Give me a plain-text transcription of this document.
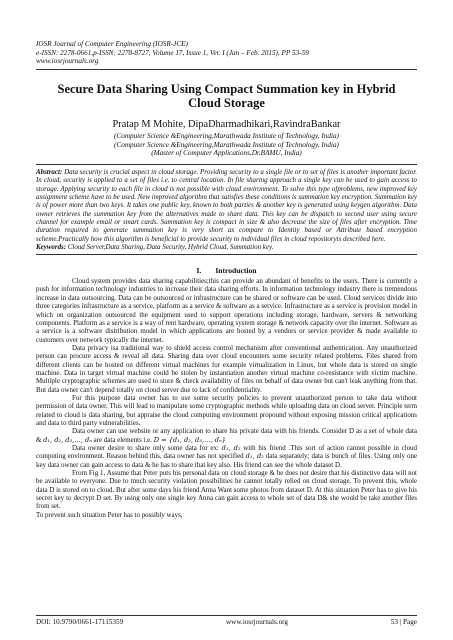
IOSR Journal of Computer Engineering (IOSR-JCE)
e-ISSN: 2278-0661,p-ISSN: 2278-8727, Volume 17, Issue 1, Ver. I (Jan – Feb. 2015), PP 53-59
www.iosrjournals.org
Secure Data Sharing Using Compact Summation key in Hybrid
Cloud Storage
Pratap M Mohite, DipaDharmadhikari,RavindraBankar
(Computer Science &Engineering,Marathwada Institute of Technology, India)
(Computer Science &Engineering,Marathwada Institute of Technology, India)
(Master of Computer Applications,Dr.BAMU, India)
Abstract: Data security is crucial aspect in cloud storage. Providing security to a single file or to set of files is another important factor. In cloud, security is applied to a set of files i.e. to central location. In file sharing approach a single key can be used to gain access to storage. Applying security to each file in cloud is not possible with cloud environment. To solve this type ofproblems, new improved key assignment scheme have to be used. New improved algorithm that satisfies these conditions is summation key encryption. Summation key is of power more than two keys. It takes one public key, known to both parties & another key is generated using keygen algorithm. Data owner retrieves the summation key from the alternatives made to share data. This key can be dispatch to second user using secure channel for example email or smart cards. Summation key is compact in size & also decrease the size of files after encryption. Time duration required to generate summation key is very short as compare to Identity based or Attribute based encryption scheme.Practically how this algorithm is beneficial to provide security to individual files in cloud repositoryis described here.
Keywords: Cloud Server,Data Sharing, Data Security, Hybrid Cloud, Summation key.
I. Introduction

Cloud system provides data sharing capabilities;this can provide an abundant of benefits to the users. There is currently a push for information technology industries to increase their data sharing efforts. In information technology industry there is tremendous increase in data outsourcing. Data can be outsourced or infrastructure can be shared or software can be used. Cloud services divide into three categories infrastructure as a service, platform as a service & software as a service. Infrastructure as a service is provision model in which on organization outsourced the equipment used to support operations including storage, hardware, servers & networking components. Platform as a service is a way of rent hardware, operating system storage & network capacity over the internet. Software as a service is a software distribution model in which applications are hosted by a vendors or service provider & made available to customers over network typically the internet.

Data privacy isa traditional way to shield access control mechanism after conventional authentication. Any unauthorized person can procure access & reveal all data. Sharing data over cloud encounters some security related problems. Files shared from different clients can be hosted on different virtual machines for example virtualization in Linux, but whole data is stored on single machine. Data in target virtual machine could be stolen by instantiation another virtual machine co-resistance with victim machine. Multiple cryptographic schemes are used to store & check availability of files on behalf of data owner but can't leak anything from that. But data owner can't depend totally on cloud server due to lack of confidentiality.

For this purpose data owner has to use some security policies to prevent unauthorized person to take data without permission of data owner. This will lead to manipulate some cryptographic methods while uploading data on cloud server. Principle term related to cloud is data sharing, but appraise the cloud computing environment propound without exposing mission critical applications and data to third party vulnerabilities.

Data owner can use website or any application to share his private data with his friends. Consider D as a set of whole data & d₁, d₂, d₃,…, dₙ are data elements i.e. D = {d₁, d₂, d₃,…, dₙ}

Data owner desire to share only some data for ex: d₁, d₂ with his friend .This sort of action cannot possible in cloud computing environment. Reason behind this, data owner has not specified d₁, d₂ data separately; data is bunch of files. Using only one key data owner can gain access to data & he has to share that key also. His friend can see the whole dataset D.

From Fig 1, Assume that Peter puts his personal data on cloud storage & he does not desire that his distinctive data will not be available to everyone. Due to much security violation possibilities he cannot totally relied on cloud storage. To prevent this, whole data D is stored on to cloud. But after some days his friend Anna Want some photos from dataset D. At this situation Peter has to give his secret key to decrypt D set. By using only one single key Anna can gain access to whole set of data D& she would be take another files from set.

To prevent such situation Peter has to possibly ways,

DOI: 10.9790/0661-17115359	www.iosrjournals.org	53 | Page
